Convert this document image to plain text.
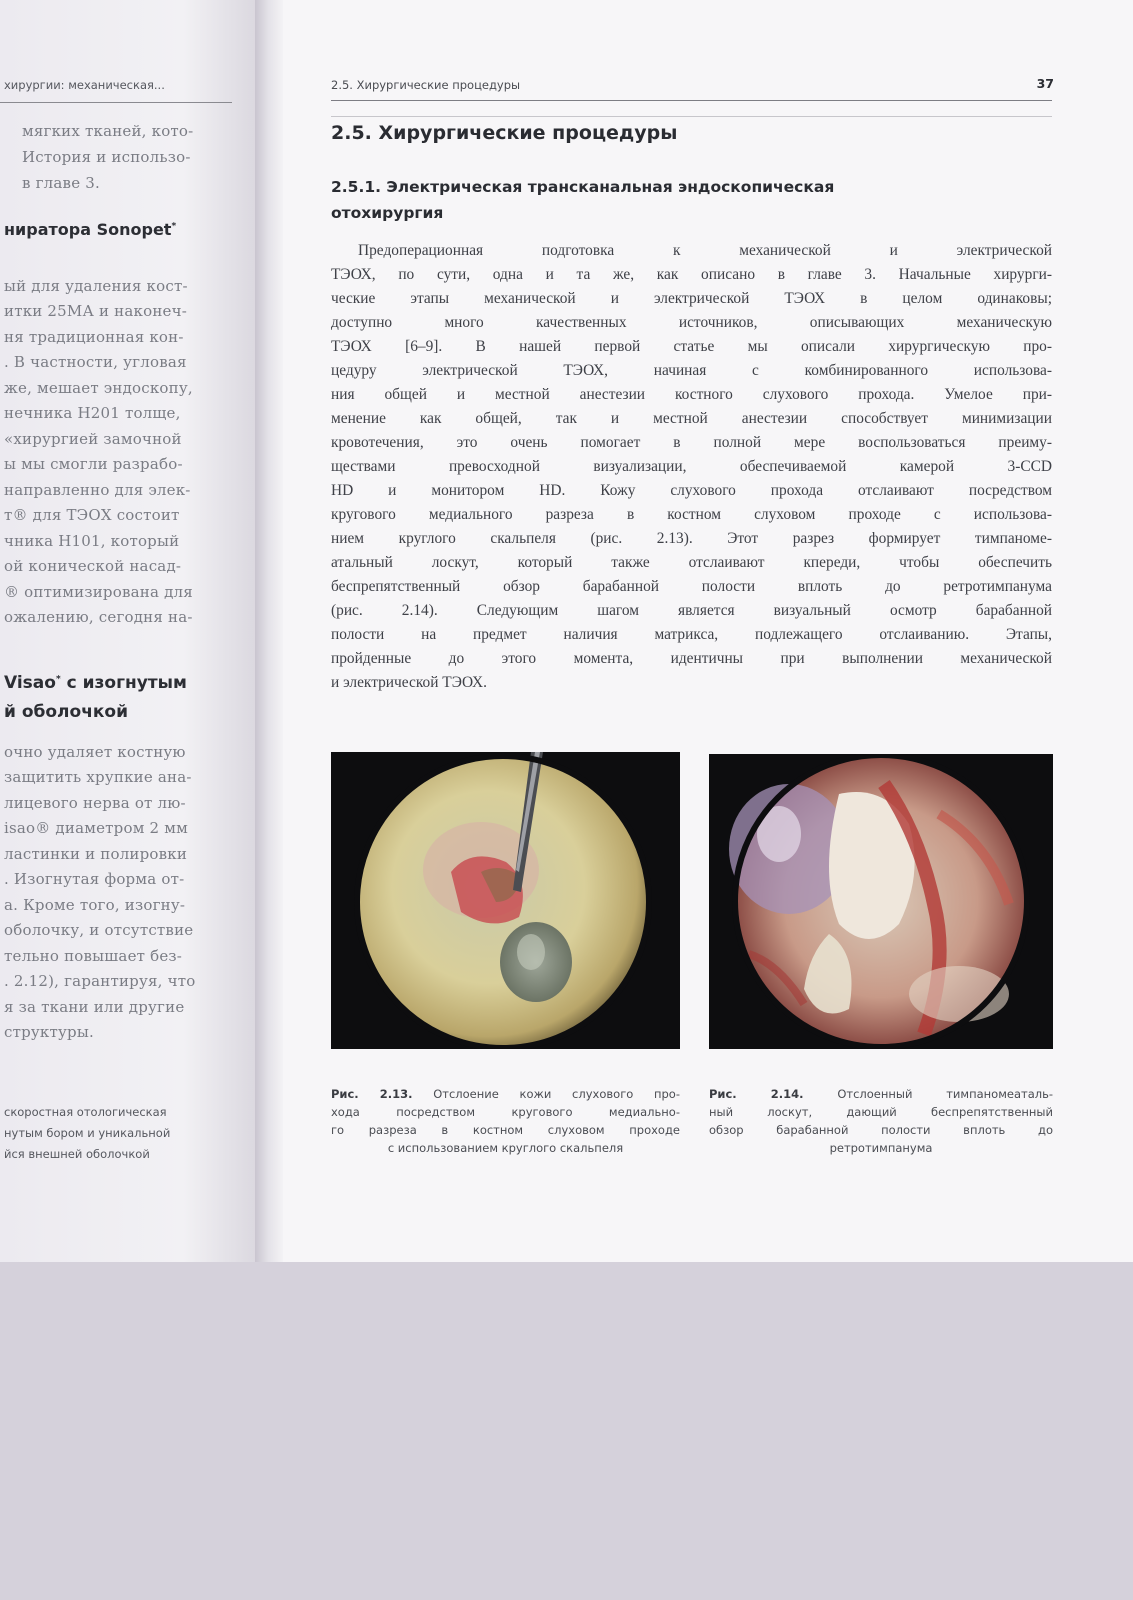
хирургии: механическая...
мягких тканей, кото-
История и использо-
в главе 3.
ниратора Sonopet*
ый для удаления кост-
итки 25МА и наконеч-
ня традиционная кон-
. В частности, угловая
же, мешает эндоскопу,
нечника Н201 толще,
«хирургией замочной
ы мы смогли разрабо-
направленно для элек-
т® для ТЭОХ состоит
чника Н101, который
ой конической насад-
® оптимизирована для
ожалению, сегодня на-
Visao* с изогнутым
й оболочкой
очно удаляет костную
защитить хрупкие ана-
лицевого нерва от лю-
isao® диаметром 2 мм
ластинки и полировки
. Изогнутая форма от-
а. Кроме того, изогну-
оболочку, и отсутствие
тельно повышает без-
. 2.12), гарантируя, что
я за ткани или другие
структуры.
скоростная отологическая
нутым бором и уникальной
йся внешней оболочкой
2.5. Хирургические процедуры	37
2.5. Хирургические процедуры
2.5.1. Электрическая трансканальная эндоскопическая
отохирургия
Предоперационная подготовка к механической и электрической
ТЭОХ, по сути, одна и та же, как описано в главе 3. Начальные хирурги-
ческие этапы механической и электрической ТЭОХ в целом одинаковы;
доступно много качественных источников, описывающих механическую
ТЭОХ [6–9]. В нашей первой статье мы описали хирургическую про-
цедуру электрической ТЭОХ, начиная с комбинированного использова-
ния общей и местной анестезии костного слухового прохода. Умелое при-
менение как общей, так и местной анестезии способствует минимизации
кровотечения, это очень помогает в полной мере воспользоваться преиму-
ществами превосходной визуализации, обеспечиваемой камерой 3-CCD
HD и монитором HD. Кожу слухового прохода отслаивают посредством
кругового медиального разреза в костном слуховом проходе с использова-
нием круглого скальпеля (рис. 2.13). Этот разрез формирует тимпаноме-
атальный лоскут, который также отслаивают кпереди, чтобы обеспечить
беспрепятственный обзор барабанной полости вплоть до ретротимпанума
(рис. 2.14). Следующим шагом является визуальный осмотр барабанной
полости на предмет наличия матрикса, подлежащего отслаиванию. Этапы,
пройденные до этого момента, идентичны при выполнении механической
и электрической ТЭОХ.
Рис. 2.13. Отслоение кожи слухового про-
хода посредством кругового медиально-
го разреза в костном слуховом проходе
с использованием круглого скальпеля
Рис. 2.14.	Отслоенный тимпаномеаталь-
ный лоскут, дающий беспрепятственный
обзор барабанной полости вплоть до
ретротимпанума
